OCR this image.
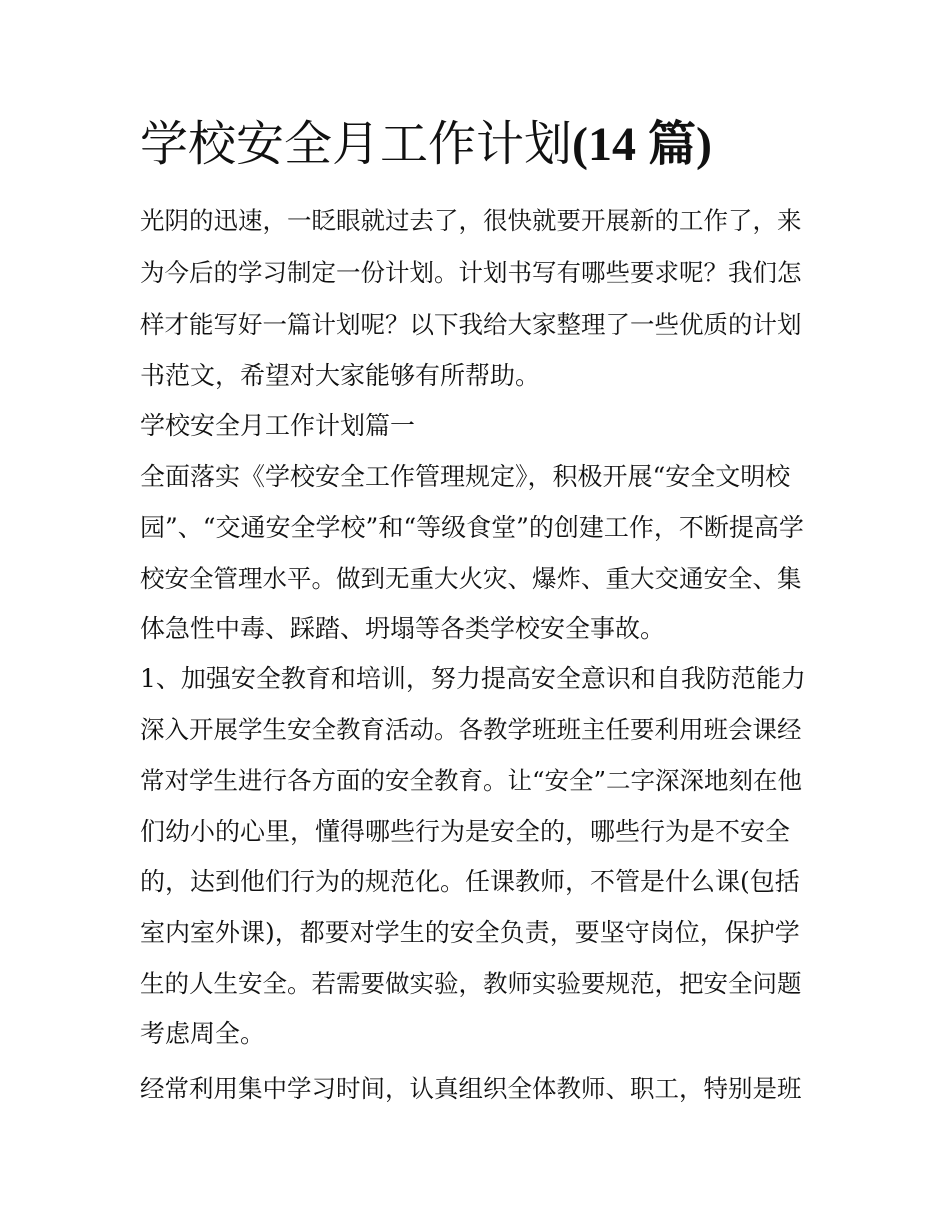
学校安全月工作计划(14 篇)

光阴的迅速，一眨眼就过去了，很快就要开展新的工作了，来

为今后的学习制定一份计划。计划书写有哪些要求呢？我们怎

样才能写好一篇计划呢？以下我给大家整理了一些优质的计划

书范文，希望对大家能够有所帮助。

学校安全月工作计划篇一

全面落实《学校安全工作管理规定》，积极开展“安全文明校

园”、“交通安全学校”和“等级食堂”的创建工作，不断提高学

校安全管理水平。做到无重大火灾、爆炸、重大交通安全、集

体急性中毒、踩踏、坍塌等各类学校安全事故。

1、加强安全教育和培训，努力提高安全意识和自我防范能力

深入开展学生安全教育活动。各教学班班主任要利用班会课经

常对学生进行各方面的安全教育。让“安全”二字深深地刻在他

们幼小的心里，懂得哪些行为是安全的，哪些行为是不安全

的，达到他们行为的规范化。任课教师，不管是什么课(包括

室内室外课)，都要对学生的安全负责，要坚守岗位，保护学

生的人生安全。若需要做实验，教师实验要规范，把安全问题

考虑周全。

经常利用集中学习时间，认真组织全体教师、职工，特别是班
